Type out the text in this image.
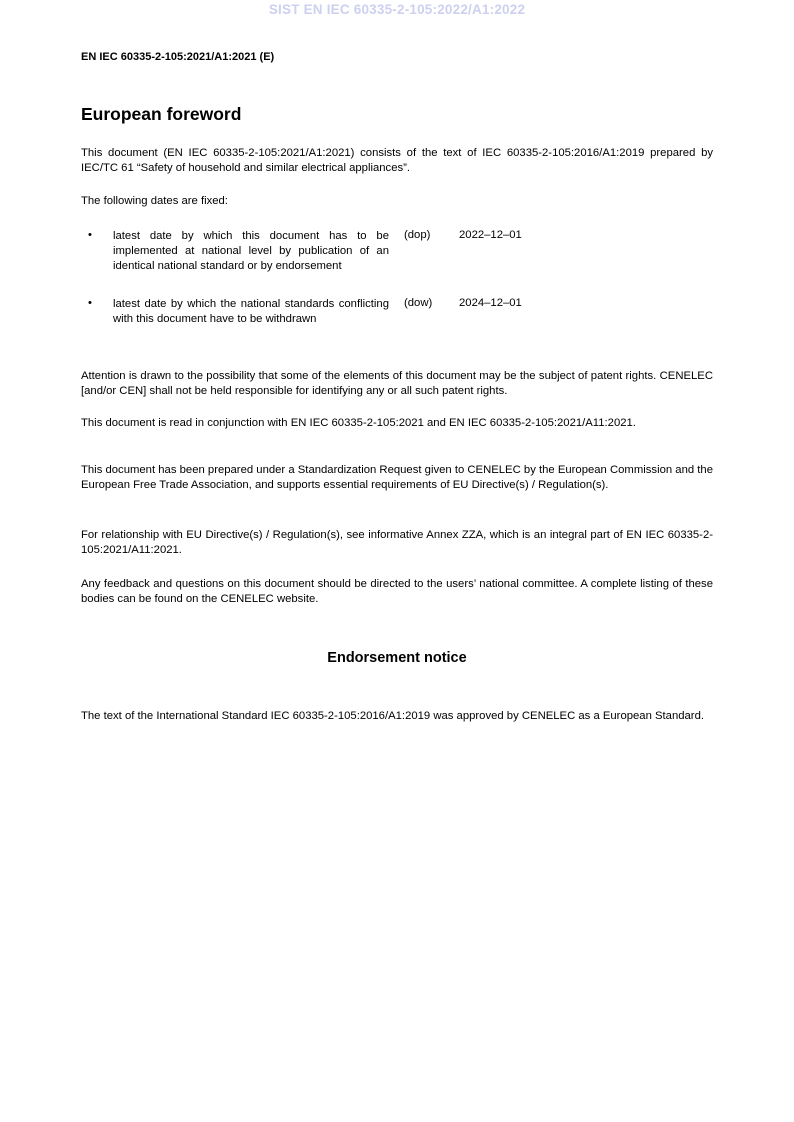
SIST EN IEC 60335-2-105:2022/A1:2022
EN IEC 60335-2-105:2021/A1:2021 (E)
European foreword
This document (EN IEC 60335-2-105:2021/A1:2021) consists of the text of IEC 60335-2-105:2016/A1:2019 prepared by IEC/TC 61 “Safety of household and similar electrical appliances”.
The following dates are fixed:
• latest date by which this document has to be implemented at national level by publication of an identical national standard or by endorsement
(dop)	2022–12–01
• latest date by which the national standards conflicting with this document have to be withdrawn
(dow) 2024–12–01
Attention is drawn to the possibility that some of the elements of this document may be the subject of patent rights. CENELEC [and/or CEN] shall not be held responsible for identifying any or all such patent rights.
This document is read in conjunction with EN IEC 60335-2-105:2021 and EN IEC 60335-2-105:2021/A11:2021.
This document has been prepared under a Standardization Request given to CENELEC by the European Commission and the European Free Trade Association, and supports essential requirements of EU Directive(s) / Regulation(s).
For relationship with EU Directive(s) / Regulation(s), see informative Annex ZZA, which is an integral part of EN IEC 60335-2-105:2021/A11:2021.
Any feedback and questions on this document should be directed to the users’ national committee. A complete listing of these bodies can be found on the CENELEC website.
Endorsement notice
The text of the International Standard IEC 60335-2-105:2016/A1:2019 was approved by CENELEC as a European Standard.
